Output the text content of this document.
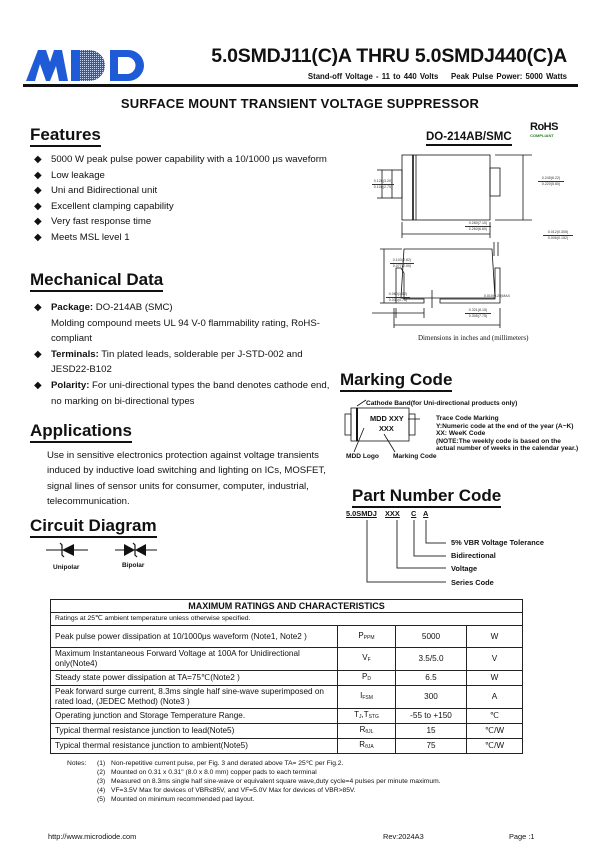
5.0SMDJ11(C)A THRU 5.0SMDJ440(C)A
Stand-off Voltage - 11 to 440 Volts Peak Pulse Power: 5000 Watts
SURFACE MOUNT TRANSIENT VOLTAGE SUPPRESSOR
Features
◆ 5000 W peak pulse power capability with a 10/1000 μs waveform
◆ Low leakage
◆ Uni and Bidirectional unit
◆ Excellent clamping capability
◆ Very fast response time
◆ Meets MSL level 1
Mechanical Data
◆ Package: DO-214AB (SMC)
Molding compound meets UL 94 V-0 flammability rating, RoHS-compliant
◆ Terminals: Tin plated leads, solderable per J-STD-002 and JESD22-B102
◆ Polarity: For uni-directional types the band denotes cathode end, no marking on bi-directional types
Applications
Use in sensitive electronics protection against voltage transients induced by inductive load switching and lighting on ICs, MOSFET, signal lines of sensor units for consumer, computer, industrial, telecommunication.
Circuit Diagram
Unipolar	Bipolar
DO-214AB/SMC
RoHS
COMPLIANT
0.126(3.20)
0.108(2.75)
0.245(6.22)
0.220(5.60)
0.280(7.10)
0.260(6.60)
0.012(0.305)
0.006(0.152)
0.103(2.62)
0.077(2.00)
0.060(1.52)
0.030(0.76)
0.010(0.25)MAX
0.321(8.15)
0.305(7.75)
Dimensions in inches and (millimeters)
Marking Code
Cathode Band(for Uni-directional products only)
MDD XXY
XXX
Trace Code Marking
Y:Numeric code at the end of the year (A~K)
XX: WeeK Code
(NOTE:The weekly code is based on the
actual number of weeks in the calendar year.)
MDD Logo Marking Code
Part Number Code
5.0SMDJ XXX C A
5% VBR Voltage Tolerance
Bidirectional
Voltage
Series Code
MAXIMUM RATINGS AND CHARACTERISTICS			
Ratings at 25℃ ambient temperature unless otherwise specified.			
Peak pulse power dissipation at 10/1000μs waveform (Note1, Note2 )	$P_{PPM}$	5000	W
Maximum Instantaneous Forward Voltage at 100A for Unidirectional only(Note4)	$V_F$	3.5/5.0	V
Steady state power dissipation at TA=75℃(Note2 )	$P_D$	6.5	W
Peak forward surge current, 8.3ms single half sine-wave superimposed on rated load, (JEDEC Method) (Note3 )	$I_{FSM}$	300	A
Operating junction and Storage Temperature Range.	$T_J,T_{STG}$	-55 to +150	℃
Typical thermal resistance junction to lead(Note5)	$R_{\theta JL}$	15	℃/W
Typical thermal resistance junction to ambient(Note5)	$R_{\theta JA}$	75	℃/W
Notes:	(1) Non-repetitive current pulse, per Fig. 3 and derated above TA= 25℃ per Fig.2.
(2) Mounted on 0.31 x 0.31" (8.0 x 8.0 mm) copper pads to each terminal
(3) Measured on 8.3ms single half sine-wave or equivalent square wave,duty cycle=4 pulses per minute maximum.
(4) VF=3.5V Max for devices of VBR≤85V, and VF=5.0V Max for devices of VBR>85V.
(5) Mounted on minimum recommended pad layout.
http://www.microdiode.com	Rev:2024A3	Page :1
